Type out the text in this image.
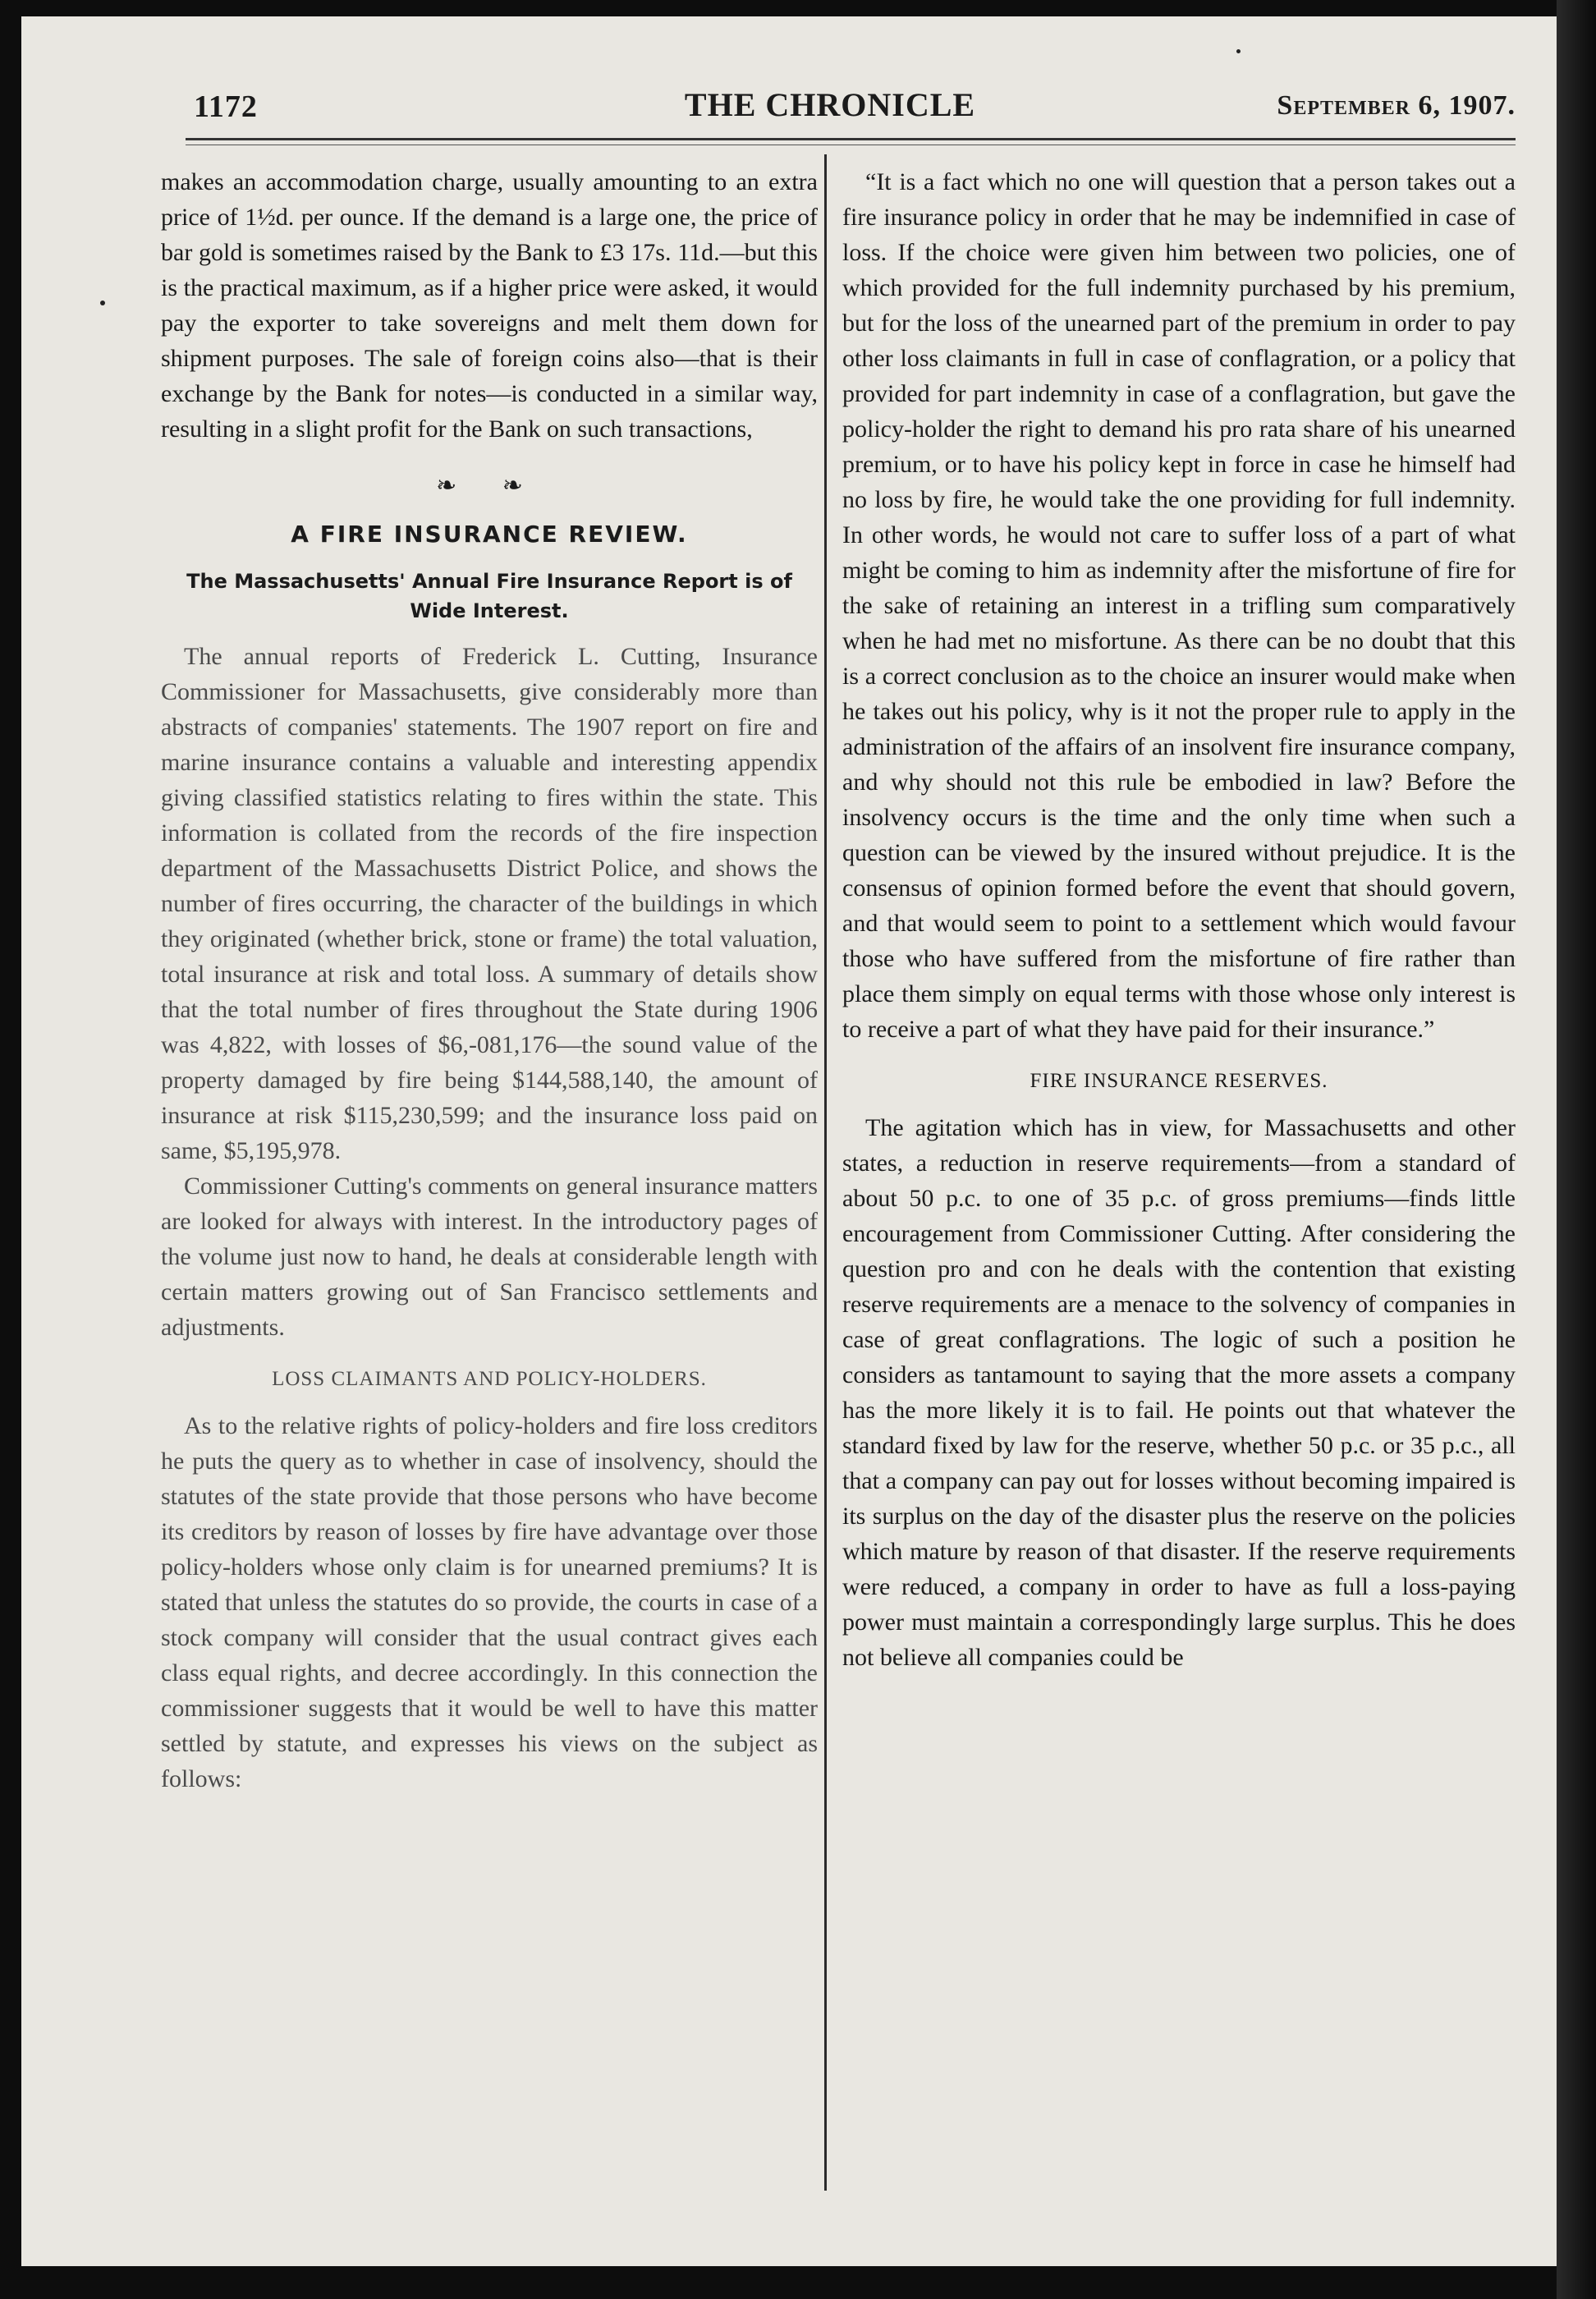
1172	THE CHRONICLE	September 6, 1907.

makes an accommodation charge, usually amounting to an extra price of 1½d. per ounce. If the demand is a large one, the price of bar gold is sometimes raised by the Bank to £3 17s. 11d.—but this is the practical maximum, as if a higher price were asked, it would pay the exporter to take sovereigns and melt them down for shipment purposes. The sale of foreign coins also—that is their exchange by the Bank for notes—is conducted in a similar way, resulting in a slight profit for the Bank on such transactions,

❧ ❧
A FIRE INSURANCE REVIEW.
The Massachusetts' Annual Fire Insurance Report is of Wide Interest.

The annual reports of Frederick L. Cutting, Insurance Commissioner for Massachusetts, give considerably more than abstracts of companies' statements. The 1907 report on fire and marine insurance contains a valuable and interesting appendix giving classified statistics relating to fires within the state. This information is collated from the records of the fire inspection department of the Massachusetts District Police, and shows the number of fires occurring, the character of the buildings in which they originated (whether brick, stone or frame) the total valuation, total insurance at risk and total loss. A summary of details show that the total number of fires throughout the State during 1906 was 4,822, with losses of $6,-081,176—the sound value of the property damaged by fire being $144,588,140, the amount of insurance at risk $115,230,599; and the insurance loss paid on same, $5,195,978.

Commissioner Cutting's comments on general insurance matters are looked for always with interest. In the introductory pages of the volume just now to hand, he deals at considerable length with certain matters growing out of San Francisco settlements and adjustments.

LOSS CLAIMANTS AND POLICY-HOLDERS.

As to the relative rights of policy-holders and fire loss creditors he puts the query as to whether in case of insolvency, should the statutes of the state provide that those persons who have become its creditors by reason of losses by fire have advantage over those policy-holders whose only claim is for unearned premiums? It is stated that unless the statutes do so provide, the courts in case of a stock company will consider that the usual contract gives each class equal rights, and decree accordingly. In this connection the commissioner suggests that it would be well to have this matter settled by statute, and expresses his views on the subject as follows:

“It is a fact which no one will question that a person takes out a fire insurance policy in order that he may be indemnified in case of loss. If the choice were given him between two policies, one of which provided for the full indemnity purchased by his premium, but for the loss of the unearned part of the premium in order to pay other loss claimants in full in case of conflagration, or a policy that provided for part indemnity in case of a conflagration, but gave the policy-holder the right to demand his pro rata share of his unearned premium, or to have his policy kept in force in case he himself had no loss by fire, he would take the one providing for full indemnity. In other words, he would not care to suffer loss of a part of what might be coming to him as indemnity after the misfortune of fire for the sake of retaining an interest in a trifling sum comparatively when he had met no misfortune. As there can be no doubt that this is a correct conclusion as to the choice an insurer would make when he takes out his policy, why is it not the proper rule to apply in the administration of the affairs of an insolvent fire insurance company, and why should not this rule be embodied in law? Before the insolvency occurs is the time and the only time when such a question can be viewed by the insured without prejudice. It is the consensus of opinion formed before the event that should govern, and that would seem to point to a settlement which would favour those who have suffered from the misfortune of fire rather than place them simply on equal terms with those whose only interest is to receive a part of what they have paid for their insurance.”

FIRE INSURANCE RESERVES.

The agitation which has in view, for Massachusetts and other states, a reduction in reserve requirements—from a standard of about 50 p.c. to one of 35 p.c. of gross premiums—finds little encouragement from Commissioner Cutting. After considering the question pro and con he deals with the contention that existing reserve requirements are a menace to the solvency of companies in case of great conflagrations. The logic of such a position he considers as tantamount to saying that the more assets a company has the more likely it is to fail. He points out that whatever the standard fixed by law for the reserve, whether 50 p.c. or 35 p.c., all that a company can pay out for losses without becoming impaired is its surplus on the day of the disaster plus the reserve on the policies which mature by reason of that disaster. If the reserve requirements were reduced, a company in order to have as full a loss-paying power must maintain a correspondingly large surplus. This he does not believe all companies could be
